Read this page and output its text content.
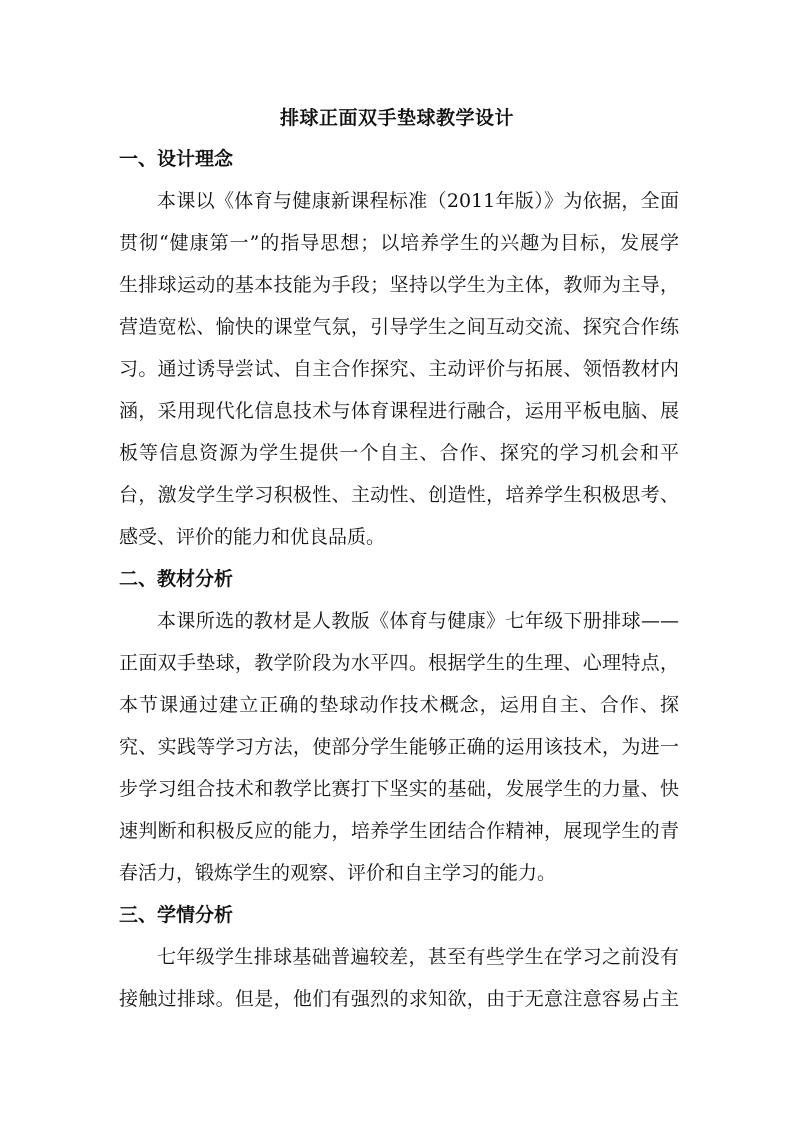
排球正面双手垫球教学设计
一、设计理念
本课以《体育与健康新课程标准（2011年版）》为依据，全面
贯彻“健康第一”的指导思想；以培养学生的兴趣为目标，发展学
生排球运动的基本技能为手段；坚持以学生为主体，教师为主导，
营造宽松、愉快的课堂气氛，引导学生之间互动交流、探究合作练
习。通过诱导尝试、自主合作探究、主动评价与拓展、领悟教材内
涵，采用现代化信息技术与体育课程进行融合，运用平板电脑、展
板等信息资源为学生提供一个自主、合作、探究的学习机会和平
台，激发学生学习积极性、主动性、创造性，培养学生积极思考、
感受、评价的能力和优良品质。
二、教材分析
本课所选的教材是人教版《体育与健康》七年级下册排球——
正面双手垫球，教学阶段为水平四。根据学生的生理、心理特点，
本节课通过建立正确的垫球动作技术概念，运用自主、合作、探
究、实践等学习方法，使部分学生能够正确的运用该技术，为进一
步学习组合技术和教学比赛打下坚实的基础，发展学生的力量、快
速判断和积极反应的能力，培养学生团结合作精神，展现学生的青
春活力，锻炼学生的观察、评价和自主学习的能力。
三、学情分析
七年级学生排球基础普遍较差，甚至有些学生在学习之前没有
接触过排球。但是，他们有强烈的求知欲，由于无意注意容易占主
